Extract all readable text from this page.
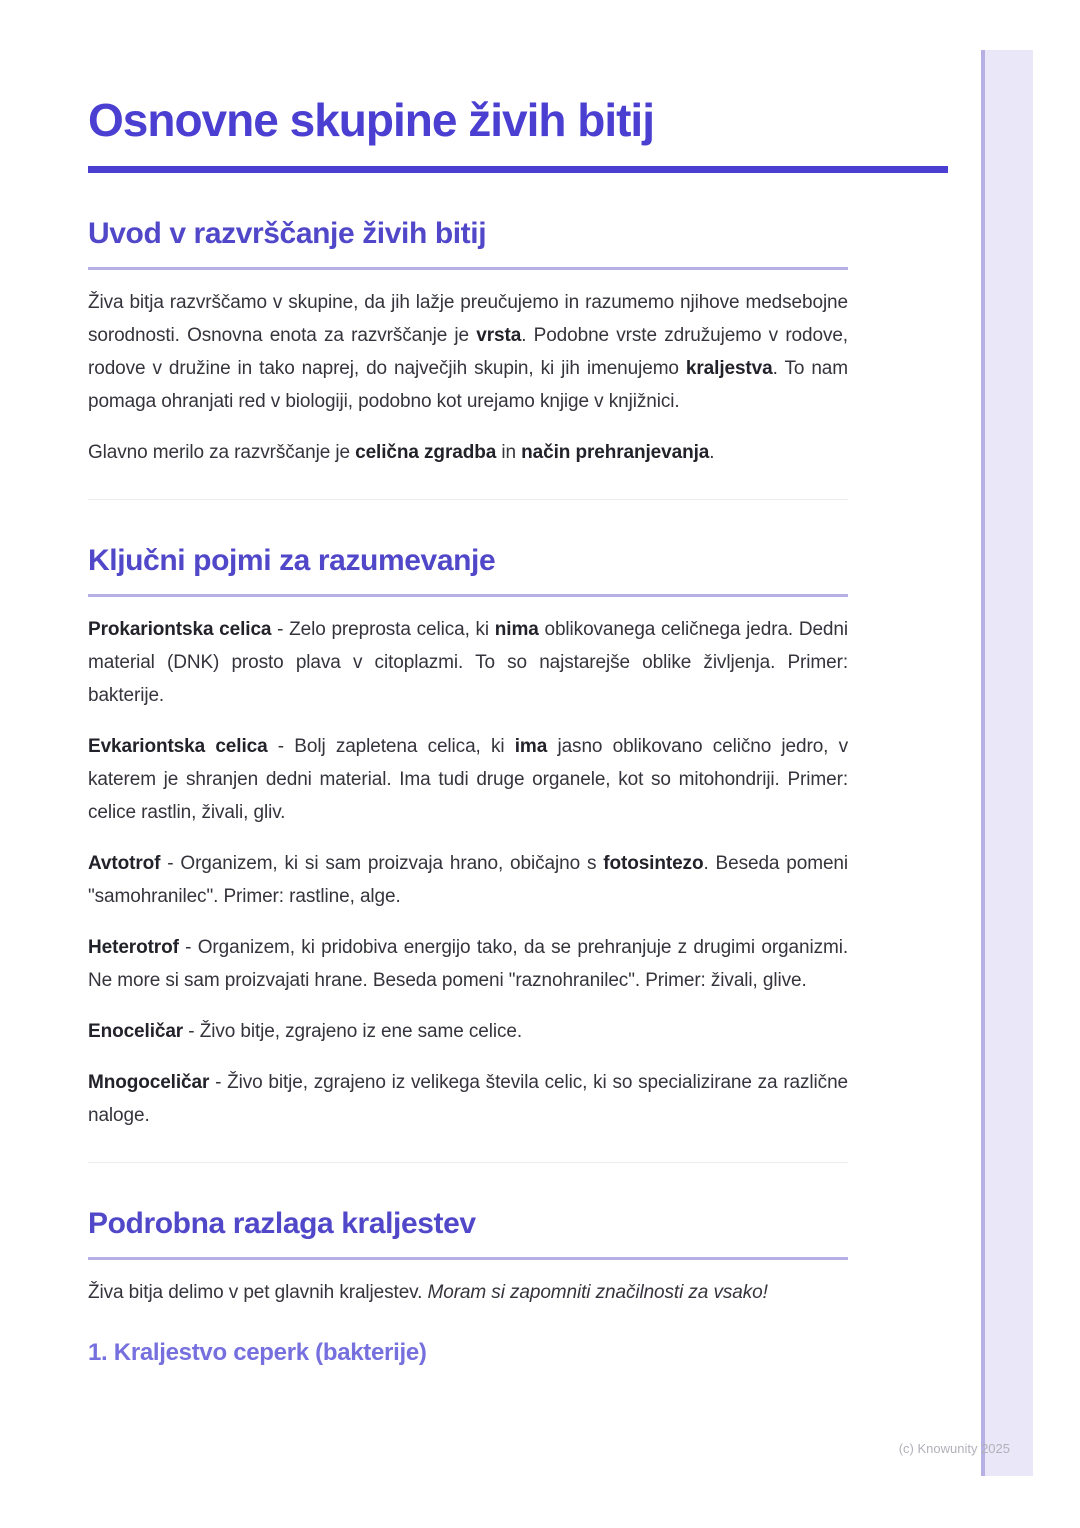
Osnovne skupine živih bitij
Uvod v razvrščanje živih bitij

Živa bitja razvrščamo v skupine, da jih lažje preučujemo in razumemo njihove medsebojne sorodnosti. Osnovna enota za razvrščanje je vrsta. Podobne vrste združujemo v rodove, rodove v družine in tako naprej, do največjih skupin, ki jih imenujemo kraljestva. To nam pomaga ohranjati red v biologiji, podobno kot urejamo knjige v knjižnici.

Glavno merilo za razvrščanje je celična zgradba in način prehranjevanja.

Ključni pojmi za razumevanje

Prokariontska celica - Zelo preprosta celica, ki nima oblikovanega celičnega jedra. Dedni material (DNK) prosto plava v citoplazmi. To so najstarejše oblike življenja. Primer: bakterije.

Evkariontska celica - Bolj zapletena celica, ki ima jasno oblikovano celično jedro, v katerem je shranjen dedni material. Ima tudi druge organele, kot so mitohondriji. Primer: celice rastlin, živali, gliv.

Avtotrof - Organizem, ki si sam proizvaja hrano, običajno s fotosintezo. Beseda pomeni "samohranilec". Primer: rastline, alge.

Heterotrof - Organizem, ki pridobiva energijo tako, da se prehranjuje z drugimi organizmi. Ne more si sam proizvajati hrane. Beseda pomeni "raznohranilec". Primer: živali, glive.

Enoceličar - Živo bitje, zgrajeno iz ene same celice.

Mnogoceličar - Živo bitje, zgrajeno iz velikega števila celic, ki so specializirane za različne naloge.

Podrobna razlaga kraljestev

Živa bitja delimo v pet glavnih kraljestev. Moram si zapomniti značilnosti za vsako!

1. Kraljestvo ceperk (bakterije)
(c) Knowunity 2025
